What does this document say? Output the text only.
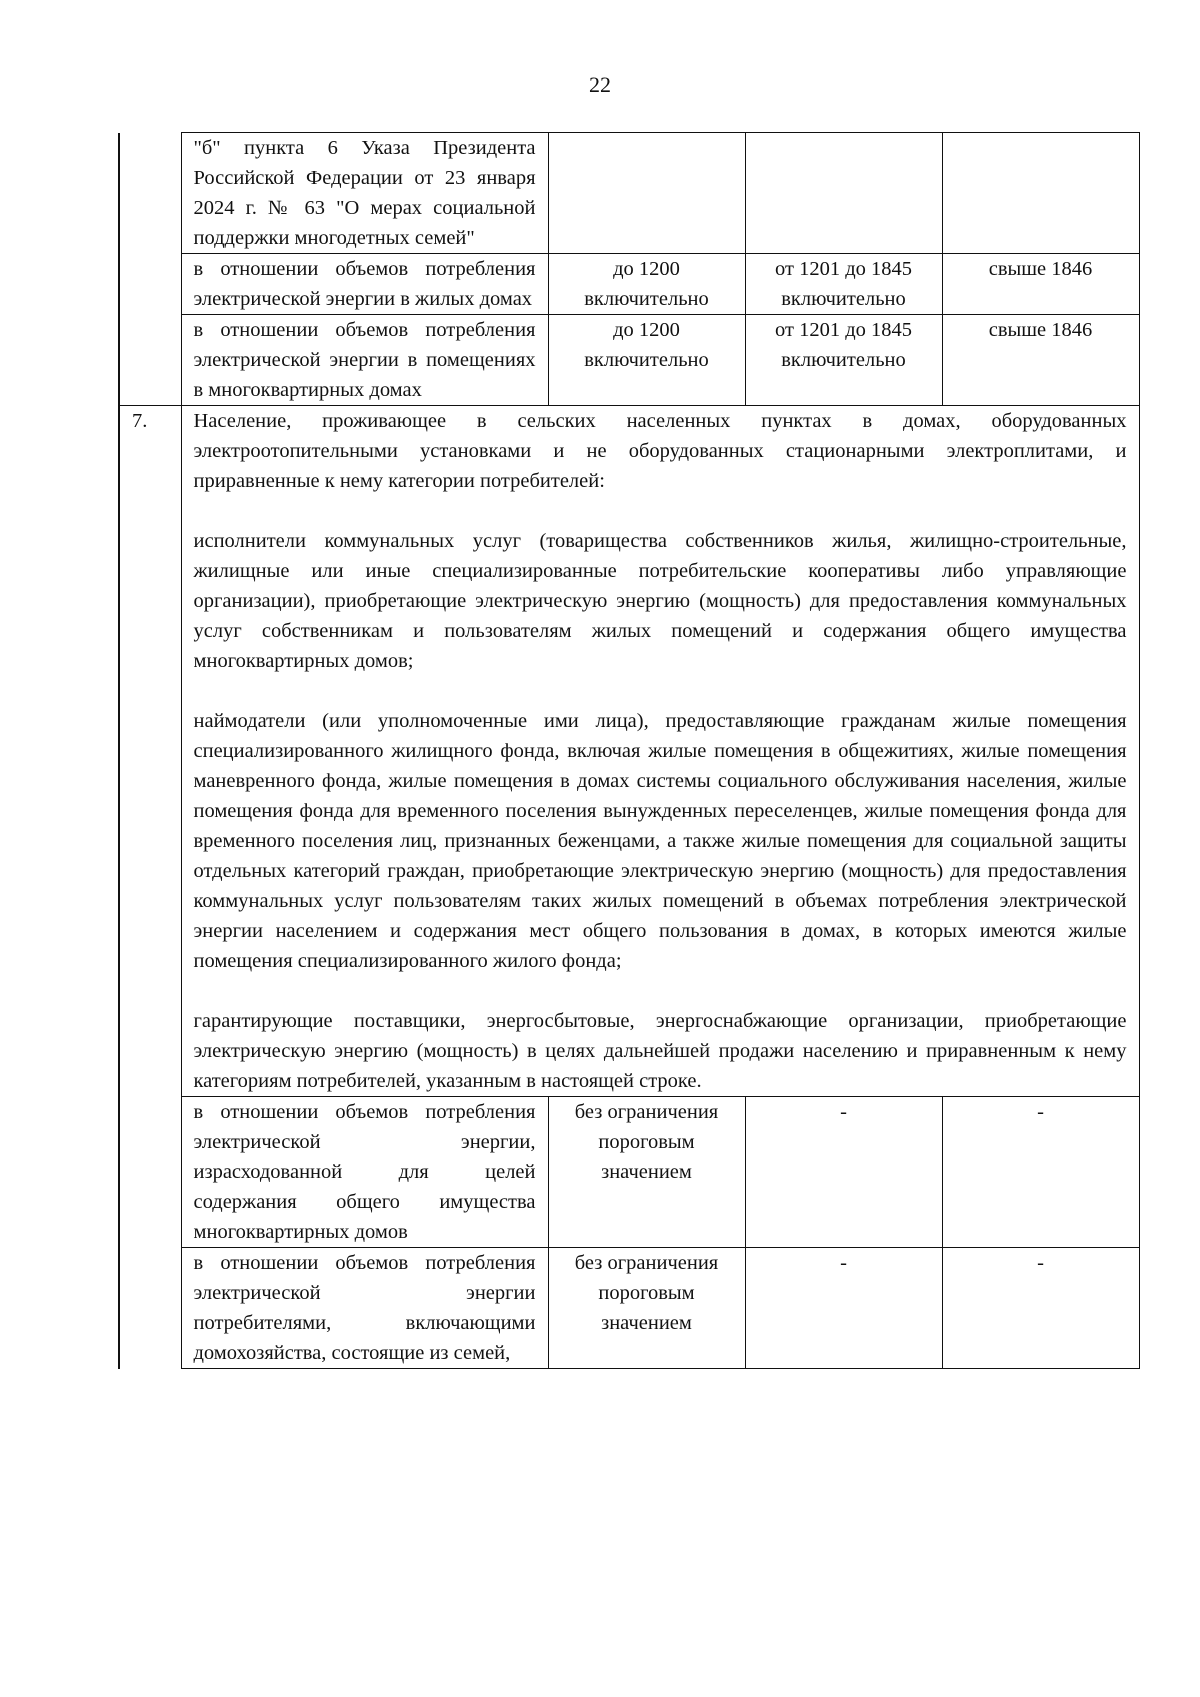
22
	"б" пункта 6 Указа Президента Российской Федерации от 23 января 2024 г. № 63 "О мерах социальной поддержки многодетных семей"			
	в отношении объемов потребления электрической энергии в жилых домах	до 1200 включительно	от 1201 до 1845 включительно	свыше 1846
	в отношении объемов потребления электрической энергии в помещениях в многоквартирных домах	до 1200 включительно	от 1201 до 1845 включительно	свыше 1846
7.	Население, проживающее в сельских населенных пунктах в домах, оборудованных электроотопительными установками и не оборудованных стационарными электроплитами, и приравненные к нему категории потребителей:

исполнители коммунальных услуг (товарищества собственников жилья, жилищно-строительные, жилищные или иные специализированные потребительские кооперативы либо управляющие организации), приобретающие электрическую энергию (мощность) для предоставления коммунальных услуг собственникам и пользователям жилых помещений и содержания общего имущества многоквартирных домов;

наймодатели (или уполномоченные ими лица), предоставляющие гражданам жилые помещения специализированного жилищного фонда, включая жилые помещения в общежитиях, жилые помещения маневренного фонда, жилые помещения в домах системы социального обслуживания населения, жилые помещения фонда для временного поселения вынужденных переселенцев, жилые помещения фонда для временного поселения лиц, признанных беженцами, а также жилые помещения для социальной защиты отдельных категорий граждан, приобретающие электрическую энергию (мощность) для предоставления коммунальных услуг пользователям таких жилых помещений в объемах потребления электрической энергии населением и содержания мест общего пользования в домах, в которых имеются жилые помещения специализированного жилого фонда;

гарантирующие поставщики, энергосбытовые, энергоснабжающие организации, приобретающие электрическую энергию (мощность) в целях дальнейшей продажи населению и приравненным к нему категориям потребителей, указанным в настоящей строке.			

	в отношении объемов потребления электрической энергии, израсходованной для целей содержания общего имущества многоквартирных домов	без ограничения пороговым значением	-	-
	в отношении объемов потребления электрической энергии потребителями, включающими домохозяйства, состоящие из семей,	без ограничения пороговым значением	-	-
